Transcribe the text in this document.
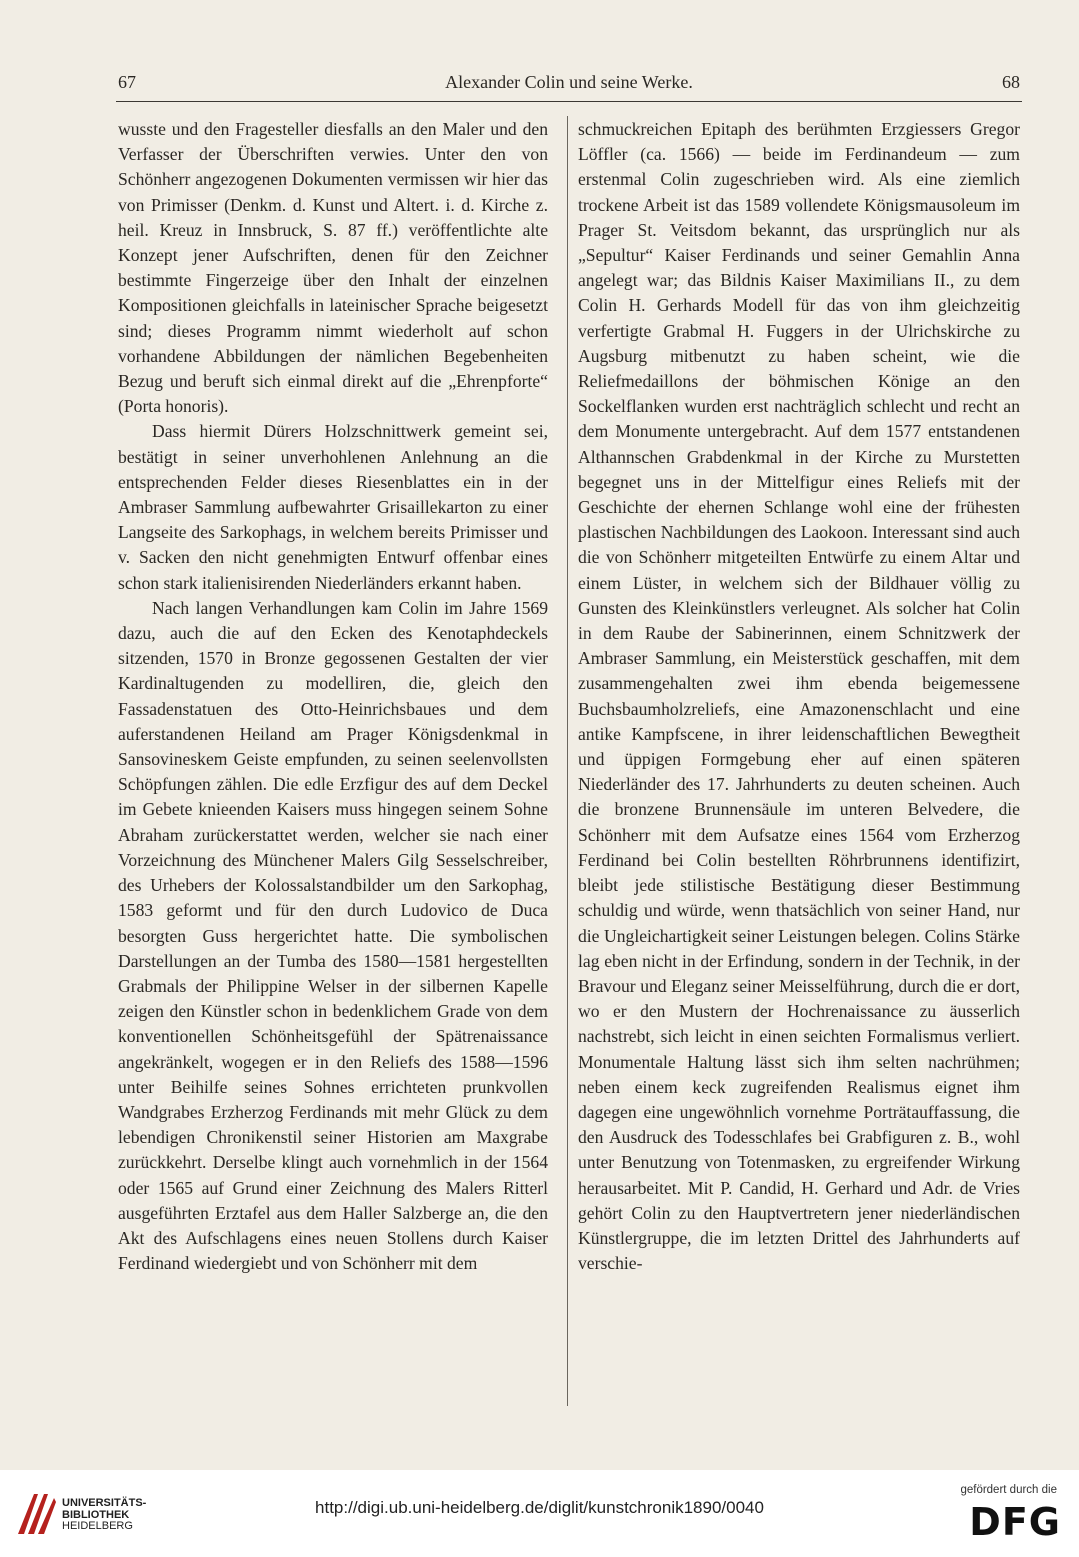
67	Alexander Colin und seine Werke.	68

wusste und den Fragesteller diesfalls an den Maler und den Verfasser der Überschriften verwies. Unter den von Schönherr angezogenen Dokumenten vermissen wir hier das von Primisser (Denkm. d. Kunst und Altert. i. d. Kirche z. heil. Kreuz in Innsbruck, S. 87 ff.) veröffentlichte alte Konzept jener Aufschriften, denen für den Zeichner bestimmte Fingerzeige über den Inhalt der einzelnen Kompositionen gleichfalls in lateinischer Sprache beigesetzt sind; dieses Programm nimmt wiederholt auf schon vorhandene Abbildungen der nämlichen Begebenheiten Bezug und beruft sich einmal direkt auf die „Ehrenpforte“ (Porta honoris).

Dass hiermit Dürers Holzschnittwerk gemeint sei, bestätigt in seiner unverhohlenen Anlehnung an die entsprechenden Felder dieses Riesenblattes ein in der Ambraser Sammlung aufbewahrter Grisaillekarton zu einer Langseite des Sarkophags, in welchem bereits Primisser und v. Sacken den nicht genehmigten Entwurf offenbar eines schon stark italienisirenden Niederländers erkannt haben.

Nach langen Verhandlungen kam Colin im Jahre 1569 dazu, auch die auf den Ecken des Kenotaphdeckels sitzenden, 1570 in Bronze gegossenen Gestalten der vier Kardinaltugenden zu modelliren, die, gleich den Fassadenstatuen des Otto-Heinrichsbaues und dem auferstandenen Heiland am Prager Königsdenkmal in Sansovineskem Geiste empfunden, zu seinen seelenvollsten Schöpfungen zählen. Die edle Erzfigur des auf dem Deckel im Gebete knieenden Kaisers muss hingegen seinem Sohne Abraham zurückerstattet werden, welcher sie nach einer Vorzeichnung des Münchener Malers Gilg Sesselschreiber, des Urhebers der Kolossalstandbilder um den Sarkophag, 1583 geformt und für den durch Ludovico de Duca besorgten Guss hergerichtet hatte. Die symbolischen Darstellungen an der Tumba des 1580—1581 hergestellten Grabmals der Philippine Welser in der silbernen Kapelle zeigen den Künstler schon in bedenklichem Grade von dem konventionellen Schönheitsgefühl der Spätrenaissance angekränkelt, wogegen er in den Reliefs des 1588—1596 unter Beihilfe seines Sohnes errichteten prunkvollen Wandgrabes Erzherzog Ferdinands mit mehr Glück zu dem lebendigen Chronikenstil seiner Historien am Maxgrabe zurückkehrt. Derselbe klingt auch vornehmlich in der 1564 oder 1565 auf Grund einer Zeichnung des Malers Ritterl ausgeführten Erztafel aus dem Haller Salzberge an, die den Akt des Aufschlagens eines neuen Stollens durch Kaiser Ferdinand wiedergiebt und von Schönherr mit dem

schmuckreichen Epitaph des berühmten Erzgiessers Gregor Löffler (ca. 1566) — beide im Ferdinandeum — zum erstenmal Colin zugeschrieben wird. Als eine ziemlich trockene Arbeit ist das 1589 vollendete Königsmausoleum im Prager St. Veitsdom bekannt, das ursprünglich nur als „Sepultur“ Kaiser Ferdinands und seiner Gemahlin Anna angelegt war; das Bildnis Kaiser Maximilians II., zu dem Colin H. Gerhards Modell für das von ihm gleichzeitig verfertigte Grabmal H. Fuggers in der Ulrichskirche zu Augsburg mitbenutzt zu haben scheint, wie die Reliefmedaillons der böhmischen Könige an den Sockelflanken wurden erst nachträglich schlecht und recht an dem Monumente untergebracht. Auf dem 1577 entstandenen Althannschen Grabdenkmal in der Kirche zu Murstetten begegnet uns in der Mittelfigur eines Reliefs mit der Geschichte der ehernen Schlange wohl eine der frühesten plastischen Nachbildungen des Laokoon. Interessant sind auch die von Schönherr mitgeteilten Entwürfe zu einem Altar und einem Lüster, in welchem sich der Bildhauer völlig zu Gunsten des Kleinkünstlers verleugnet. Als solcher hat Colin in dem Raube der Sabinerinnen, einem Schnitzwerk der Ambraser Sammlung, ein Meisterstück geschaffen, mit dem zusammengehalten zwei ihm ebenda beigemessene Buchsbaumholzreliefs, eine Amazonenschlacht und eine antike Kampfscene, in ihrer leidenschaftlichen Bewegtheit und üppigen Formgebung eher auf einen späteren Niederländer des 17. Jahrhunderts zu deuten scheinen. Auch die bronzene Brunnensäule im unteren Belvedere, die Schönherr mit dem Aufsatze eines 1564 vom Erzherzog Ferdinand bei Colin bestellten Röhrbrunnens identifizirt, bleibt jede stilistische Bestätigung dieser Bestimmung schuldig und würde, wenn thatsächlich von seiner Hand, nur die Ungleichartigkeit seiner Leistungen belegen. Colins Stärke lag eben nicht in der Erfindung, sondern in der Technik, in der Bravour und Eleganz seiner Meisselführung, durch die er dort, wo er den Mustern der Hochrenaissance zu äusserlich nachstrebt, sich leicht in einen seichten Formalismus verliert. Monumentale Haltung lässt sich ihm selten nachrühmen; neben einem keck zugreifenden Realismus eignet ihm dagegen eine ungewöhnlich vornehme Porträtauffassung, die den Ausdruck des Todesschlafes bei Grabfiguren z. B., wohl unter Benutzung von Totenmasken, zu ergreifender Wirkung herausarbeitet. Mit P. Candid, H. Gerhard und Adr. de Vries gehört Colin zu den Hauptvertretern jener niederländischen Künstlergruppe, die im letzten Drittel des Jahrhunderts auf verschie-

UNIVERSITÄTS-
BIBLIOTHEK
HEIDELBERG
http://digi.ub.uni-heidelberg.de/diglit/kunstchronik1890/0040
gefördert durch die
DFG
